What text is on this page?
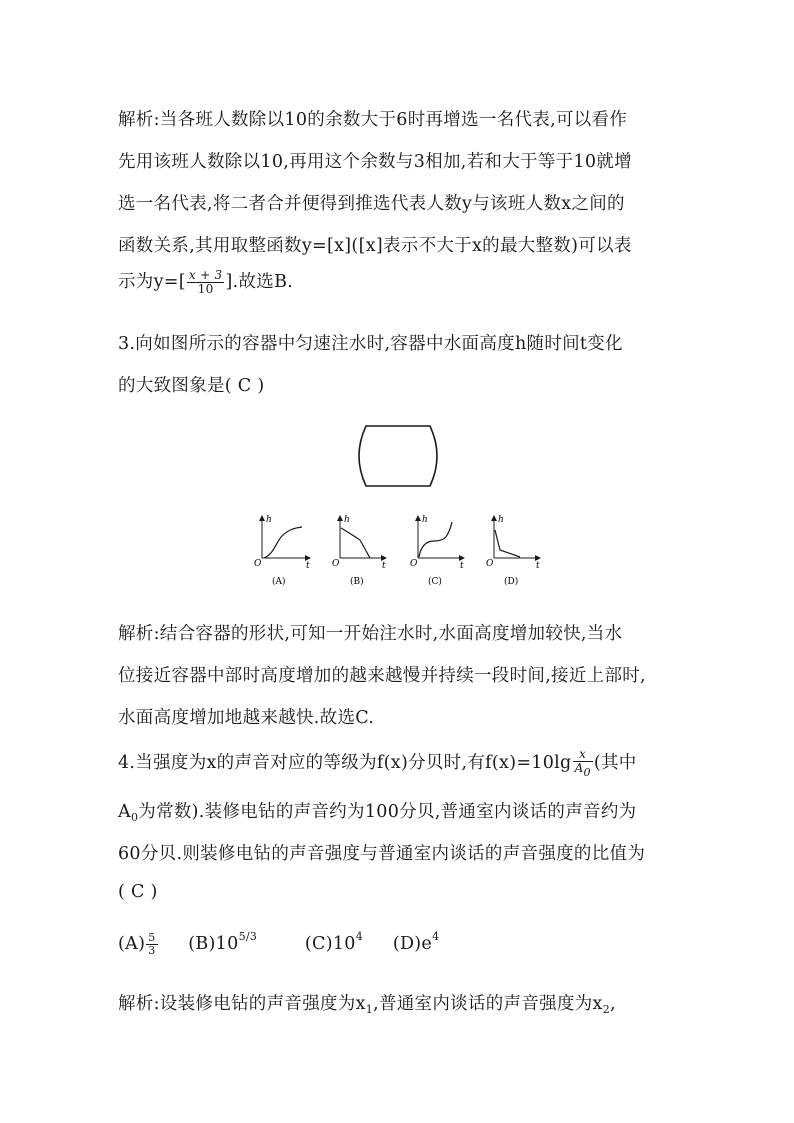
解析:当各班人数除以10的余数大于6时再增选一名代表,可以看作
先用该班人数除以10,再用这个余数与3相加,若和大于等于10就增
选一名代表,将二者合并便得到推选代表人数y与该班人数x之间的
函数关系,其用取整函数y=[x]([x]表示不大于x的最大整数)可以表
示为$y=[ \frac{x + 3}{10}$ ].故选B.
3.向如图所示的容器中匀速注水时,容器中水面高度h随时间t变化
的大致图象是( C )
h
O	t
(A)
h
O	t
(B)
h
O	t
(C)
h
O	t
(D)
解析:结合容器的形状,可知一开始注水时,水面高度增加较快,当水
位接近容器中部时高度增加的越来越慢并持续一段时间,接近上部时,
水面高度增加地越来越快.故选C.
4.当强度为x的声音对应的等级为f(x)分贝时,有$f(x)=10\lg \frac{x}{A0}$ (其中
$A_0$为常数).装修电钻的声音约为100分贝,普通室内谈话的声音约为
60分贝.则装修电钻的声音强度与普通室内谈话的声音强度的比值为
( C )
$(A) \frac{5}{3} (B)10^{5/3}$	$(C)10^4$ $(D)e^4$
解析:设装修电钻的声音强度为$x_1$,普通室内谈话的声音强度为$x_2$,
